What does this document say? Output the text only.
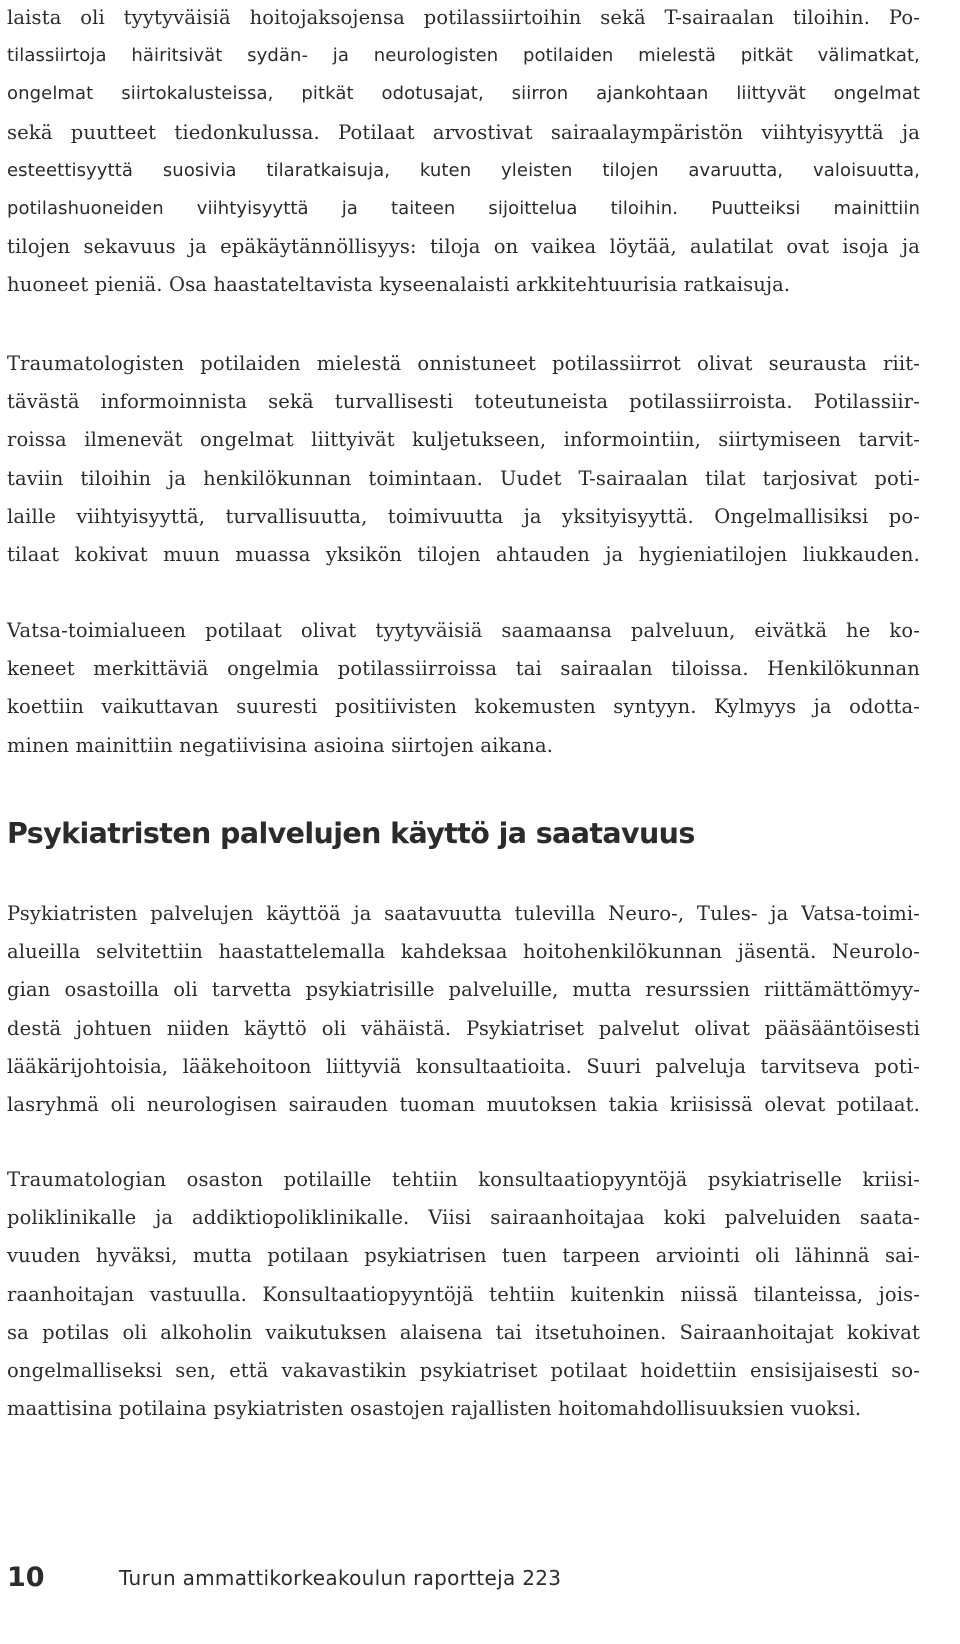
laista oli tyytyväisiä hoitojaksojensa potilassiirtoihin sekä T-sairaalan tiloihin. Po-
tilassiirtoja häiritsivät sydän- ja neurologisten potilaiden mielestä pitkät välimatkat,
ongelmat siirtokalusteissa, pitkät odotusajat, siirron ajankohtaan liittyvät ongelmat
sekä puutteet tiedonkulussa. Potilaat arvostivat sairaalaympäristön viihtyisyyttä ja
esteettisyyttä suosivia tilaratkaisuja, kuten yleisten tilojen avaruutta, valoisuutta,
potilashuoneiden viihtyisyyttä ja taiteen sijoittelua tiloihin. Puutteiksi mainittiin
tilojen sekavuus ja epäkäytännöllisyys: tiloja on vaikea löytää, aulatilat ovat isoja ja
huoneet pieniä. Osa haastateltavista kyseenalaisti arkkitehtuurisia ratkaisuja.
Traumatologisten potilaiden mielestä onnistuneet potilassiirrot olivat seurausta riit-
tävästä informoinnista sekä turvallisesti toteutuneista potilassiirroista. Potilassiir-
roissa ilmenevät ongelmat liittyivät kuljetukseen, informointiin, siirtymiseen tarvit-
taviin tiloihin ja henkilökunnan toimintaan. Uudet T-sairaalan tilat tarjosivat poti-
laille viihtyisyyttä, turvallisuutta, toimivuutta ja yksityisyyttä. Ongelmallisiksi po-
tilaat kokivat muun muassa yksikön tilojen ahtauden ja hygieniatilojen liukkauden.
Vatsa-toimialueen potilaat olivat tyytyväisiä saamaansa palveluun, eivätkä he ko-
keneet merkittäviä ongelmia potilassiirroissa tai sairaalan tiloissa. Henkilökunnan
koettiin vaikuttavan suuresti positiivisten kokemusten syntyyn. Kylmyys ja odotta-
minen mainittiin negatiivisina asioina siirtojen aikana.
Psykiatristen palvelujen käyttö ja saatavuus
Psykiatristen palvelujen käyttöä ja saatavuutta tulevilla Neuro-, Tules- ja Vatsa-toimi-
alueilla selvitettiin haastattelemalla kahdeksaa hoitohenkilökunnan jäsentä. Neurolo-
gian osastoilla oli tarvetta psykiatrisille palveluille, mutta resurssien riittämättömyy-
destä johtuen niiden käyttö oli vähäistä. Psykiatriset palvelut olivat pääsääntöisesti
lääkärijohtoisia, lääkehoitoon liittyviä konsultaatioita. Suuri palveluja tarvitseva poti-
lasryhmä oli neurologisen sairauden tuoman muutoksen takia kriisissä olevat potilaat.
Traumatologian osaston potilaille tehtiin konsultaatiopyyntöjä psykiatriselle kriisi-
poliklinikalle ja addiktiopoliklinikalle. Viisi sairaanhoitajaa koki palveluiden saata-
vuuden hyväksi, mutta potilaan psykiatrisen tuen tarpeen arviointi oli lähinnä sai-
raanhoitajan vastuulla. Konsultaatiopyyntöjä tehtiin kuitenkin niissä tilanteissa, jois-
sa potilas oli alkoholin vaikutuksen alaisena tai itsetuhoinen. Sairaanhoitajat kokivat
ongelmalliseksi sen, että vakavastikin psykiatriset potilaat hoidettiin ensisijaisesti so-
maattisina potilaina psykiatristen osastojen rajallisten hoitomahdollisuuksien vuoksi.
10	Turun ammattikorkeakoulun raportteja 223
